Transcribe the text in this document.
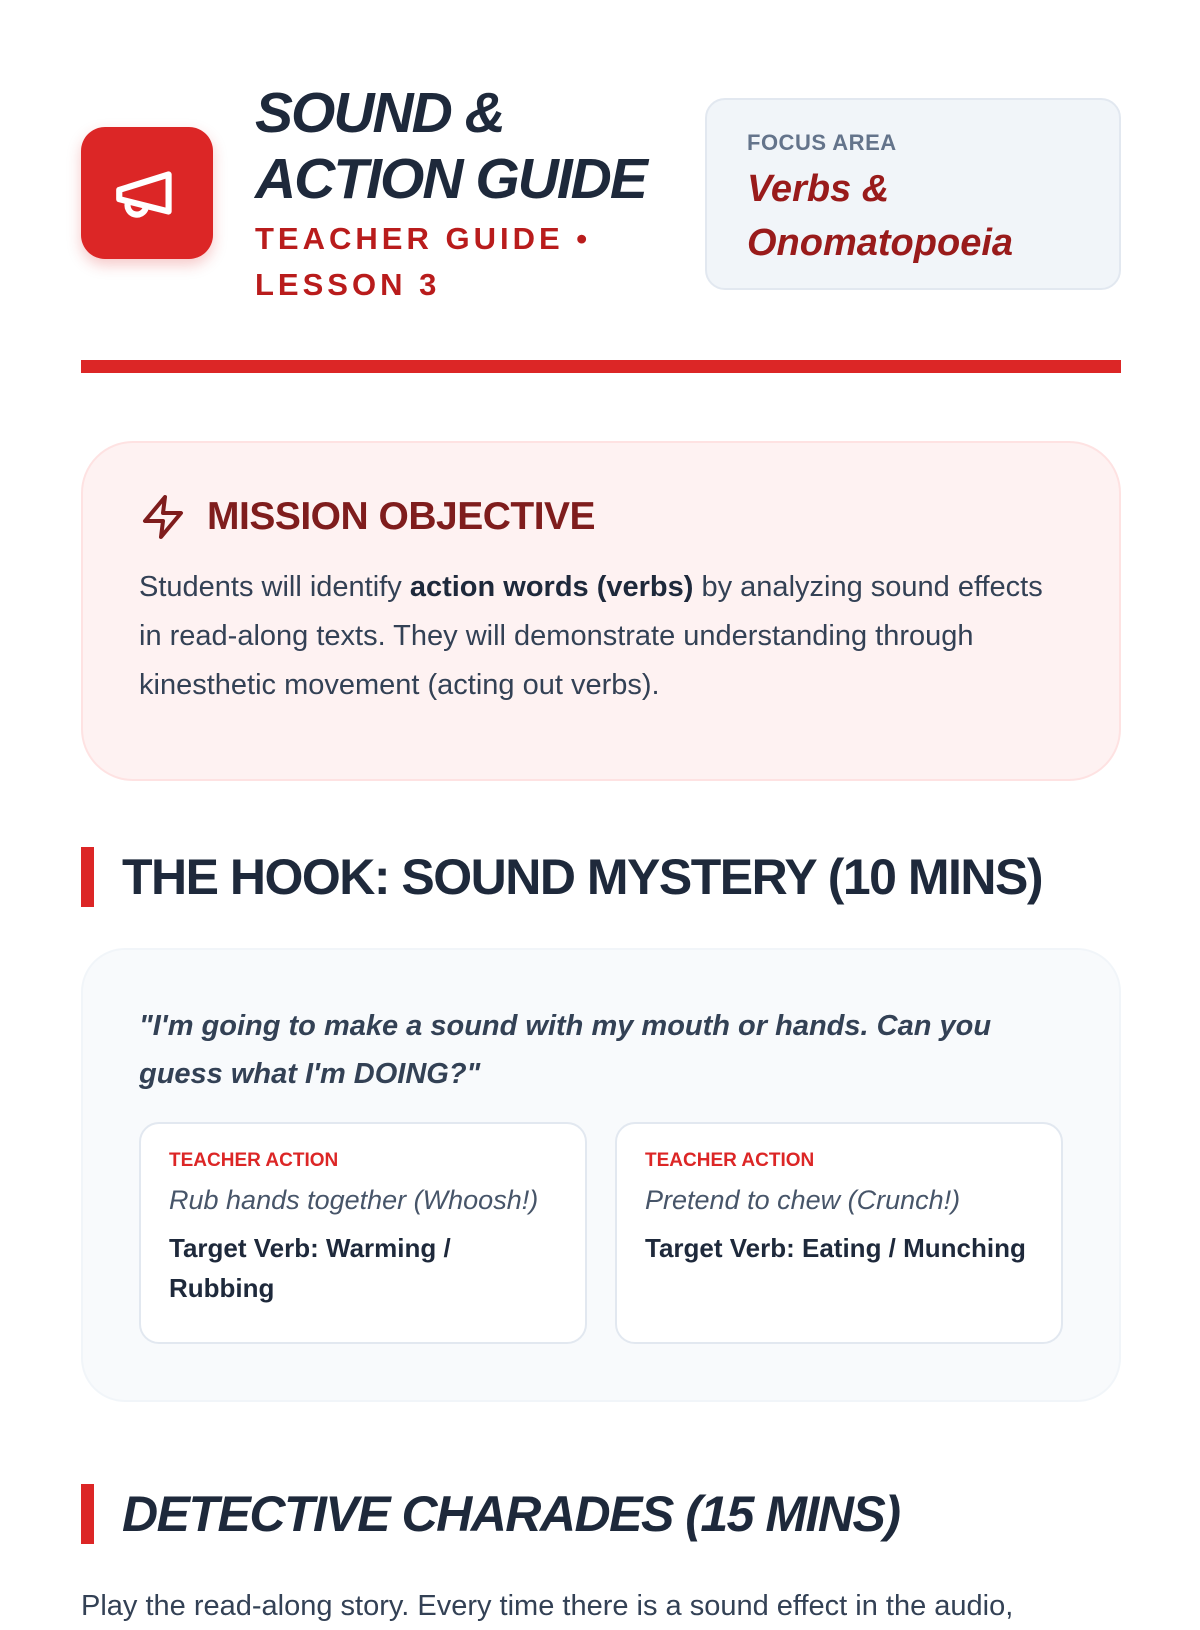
SOUND &
ACTION GUIDE
TEACHER GUIDE • LESSON 3
FOCUS AREA
Verbs & Onomatopoeia
MISSION OBJECTIVE
Students will identify action words (verbs) by analyzing sound effects in read-along texts. They will demonstrate understanding through kinesthetic movement (acting out verbs).
THE HOOK: SOUND MYSTERY (10 MINS)

"I'm going to make a sound with my mouth or hands. Can you guess what I'm DOING?"

TEACHER ACTION
Rub hands together (Whoosh!)
Target Verb: Warming / Rubbing
TEACHER ACTION
Pretend to chew (Crunch!)
Target Verb: Eating / Munching
DETECTIVE CHARADES (15 MINS)
Play the read-along story. Every time there is a sound effect in the audio,
